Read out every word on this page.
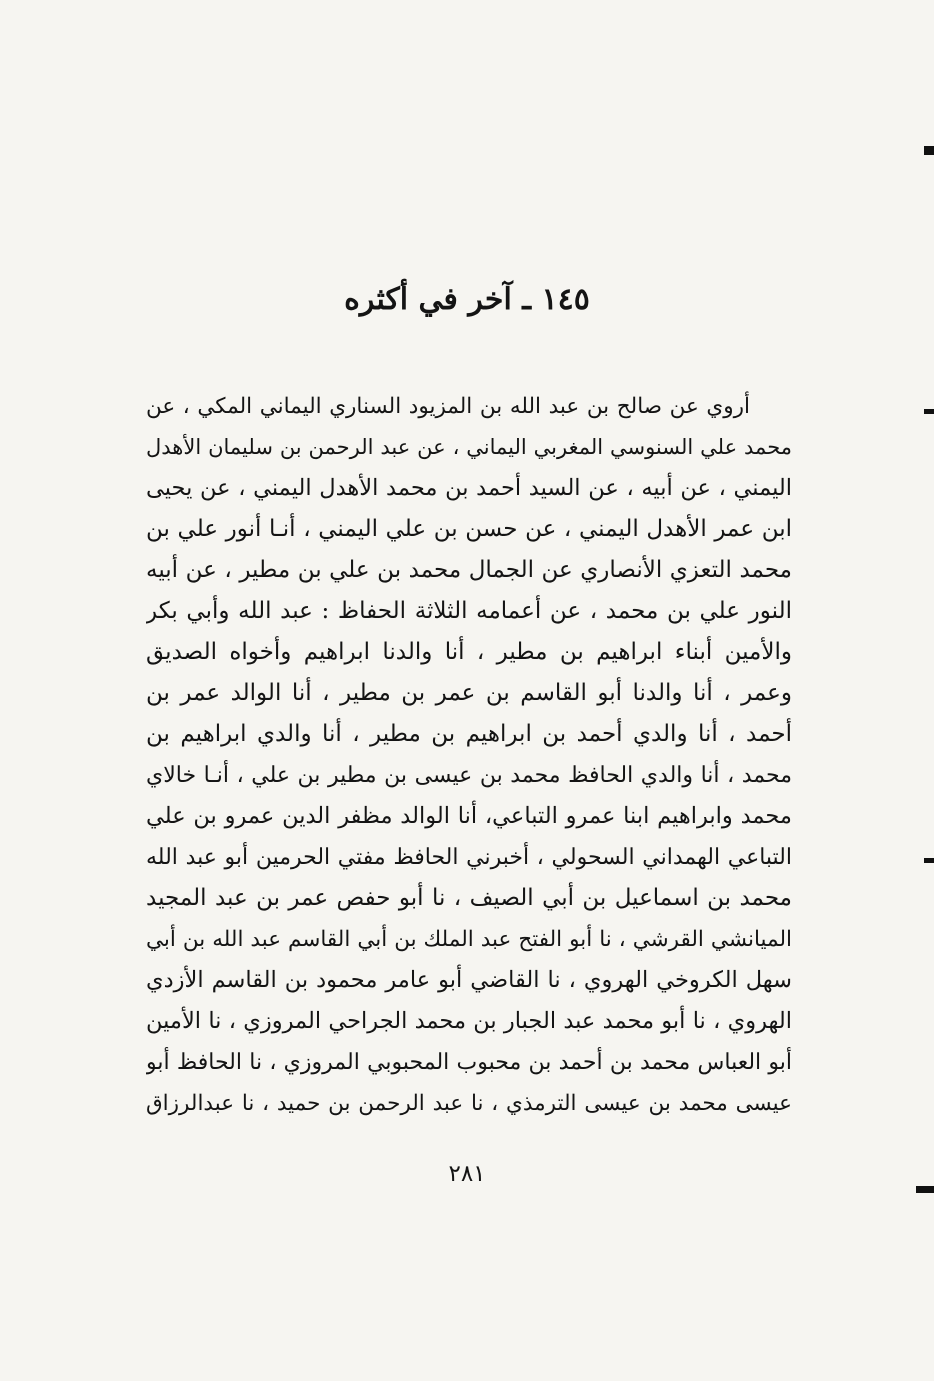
١٤٥ ـ آخر في أكثره
أروي عن صالح بن عبد الله بن المزيود السناري اليماني المكي ، عن
محمد علي السنوسي المغربي اليماني ، عن عبد الرحمن بن سليمان الأهدل
اليمني ، عن أبيه ، عن السيد أحمد بن محمد الأهدل اليمني ، عن يحيى
ابن عمر الأهدل اليمني ، عن حسن بن علي اليمني ، أنـا أنور علي بن
محمد التعزي الأنصاري عن الجمال محمد بن علي بن مطير ، عن أبيه
النور علي بن محمد ، عن أعمامه الثلاثة الحفاظ : عبد الله وأبي بكر
والأمين أبناء ابراهيم بن مطير ، أنا والدنا ابراهيم وأخواه الصديق
وعمر ، أنا والدنا أبو القاسم بن عمر بن مطير ، أنا الوالد عمر بن
أحمد ، أنا والدي أحمد بن ابراهيم بن مطير ، أنا والدي ابراهيم بن
محمد ، أنا والدي الحافظ محمد بن عيسى بن مطير بن علي ، أنـا خالاي
محمد وابراهيم ابنا عمرو التباعي، أنا الوالد مظفر الدين عمرو بن علي
التباعي الهمداني السحولي ، أخبرني الحافظ مفتي الحرمين أبو عبد الله
محمد بن اسماعيل بن أبي الصيف ، نا أبو حفص عمر بن عبد المجيد
الميانشي القرشي ، نا أبو الفتح عبد الملك بن أبي القاسم عبد الله بن أبي
سهل الكروخي الهروي ، نا القاضي أبو عامر محمود بن القاسم الأزدي
الهروي ، نا أبو محمد عبد الجبار بن محمد الجراحي المروزي ، نا الأمين
أبو العباس محمد بن أحمد بن محبوب المحبوبي المروزي ، نا الحافظ أبو
عيسى محمد بن عيسى الترمذي ، نا عبد الرحمن بن حميد ، نا عبدالرزاق
٢٨١
